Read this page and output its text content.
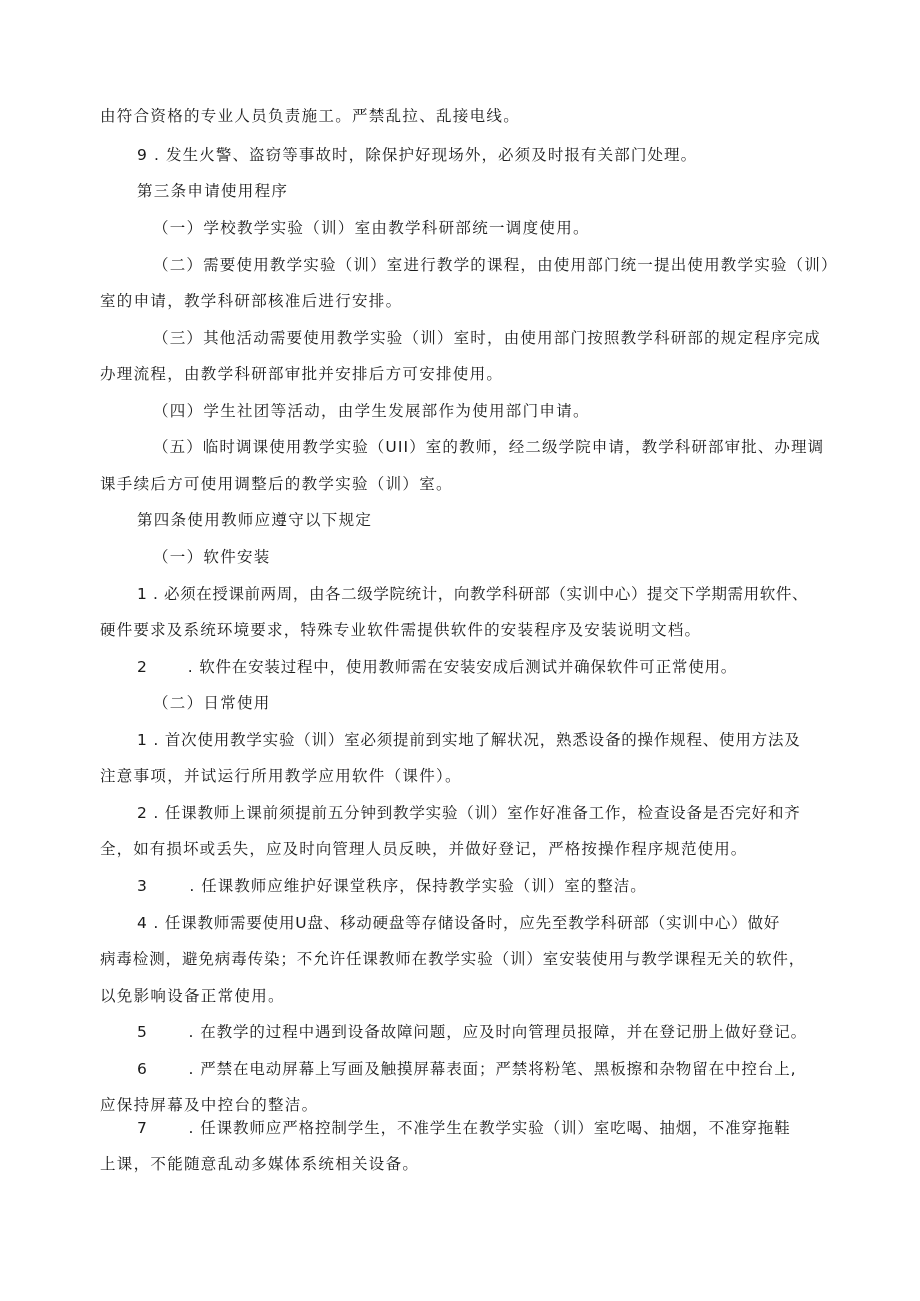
由符合资格的专业人员负责施工。严禁乱拉、乱接电线。
9 . 发生火警、盗窃等事故时，除保护好现场外，必须及时报有关部门处理。
第三条申请使用程序
（一）学校教学实验（训）室由教学科研部统一调度使用。
（二）需要使用教学实验（训）室进行教学的课程，由使用部门统一提出使用教学实验（训）
室的申请，教学科研部核准后进行安排。
（三）其他活动需要使用教学实验（训）室时，由使用部门按照教学科研部的规定程序完成
办理流程，由教学科研部审批并安排后方可安排使用。
（四）学生社团等活动，由学生发展部作为使用部门申请。
（五）临时调课使用教学实验（UII）室的教师，经二级学院申请，教学科研部审批、办理调
课手续后方可使用调整后的教学实验（训）室。
第四条使用教师应遵守以下规定
（一）软件安装
1 . 必须在授课前两周，由各二级学院统计，向教学科研部（实训中心）提交下学期需用软件、
硬件要求及系统环境要求，特殊专业软件需提供软件的安装程序及安装说明文档。
2       . 软件在安装过程中，使用教师需在安装安成后测试并确保软件可正常使用。
（二）日常使用
1 . 首次使用教学实验（训）室必须提前到实地了解状况，熟悉设备的操作规程、使用方法及
注意事项，并试运行所用教学应用软件（课件）。
2 . 任课教师上课前须提前五分钟到教学实验（训）室作好准备工作，检查设备是否完好和齐
全，如有损坏或丢失，应及时向管理人员反映，并做好登记，严格按操作程序规范使用。
3       . 任课教师应维护好课堂秩序，保持教学实验（训）室的整洁。
4 . 任课教师需要使用U盘、移动硬盘等存储设备时，应先至教学科研部（实训中心）做好
病毒检测，避免病毒传染；不允许任课教师在教学实验（训）室安装使用与教学课程无关的软件，
以免影响设备正常使用。
5       . 在教学的过程中遇到设备故障问题，应及时向管理员报障，并在登记册上做好登记。
6       . 严禁在电动屏幕上写画及触摸屏幕表面；严禁将粉笔、黑板擦和杂物留在中控台上,
应保持屏幕及中控台的整洁。
7       . 任课教师应严格控制学生，不准学生在教学实验（训）室吃喝、抽烟，不准穿拖鞋
上课，不能随意乱动多媒体系统相关设备。
